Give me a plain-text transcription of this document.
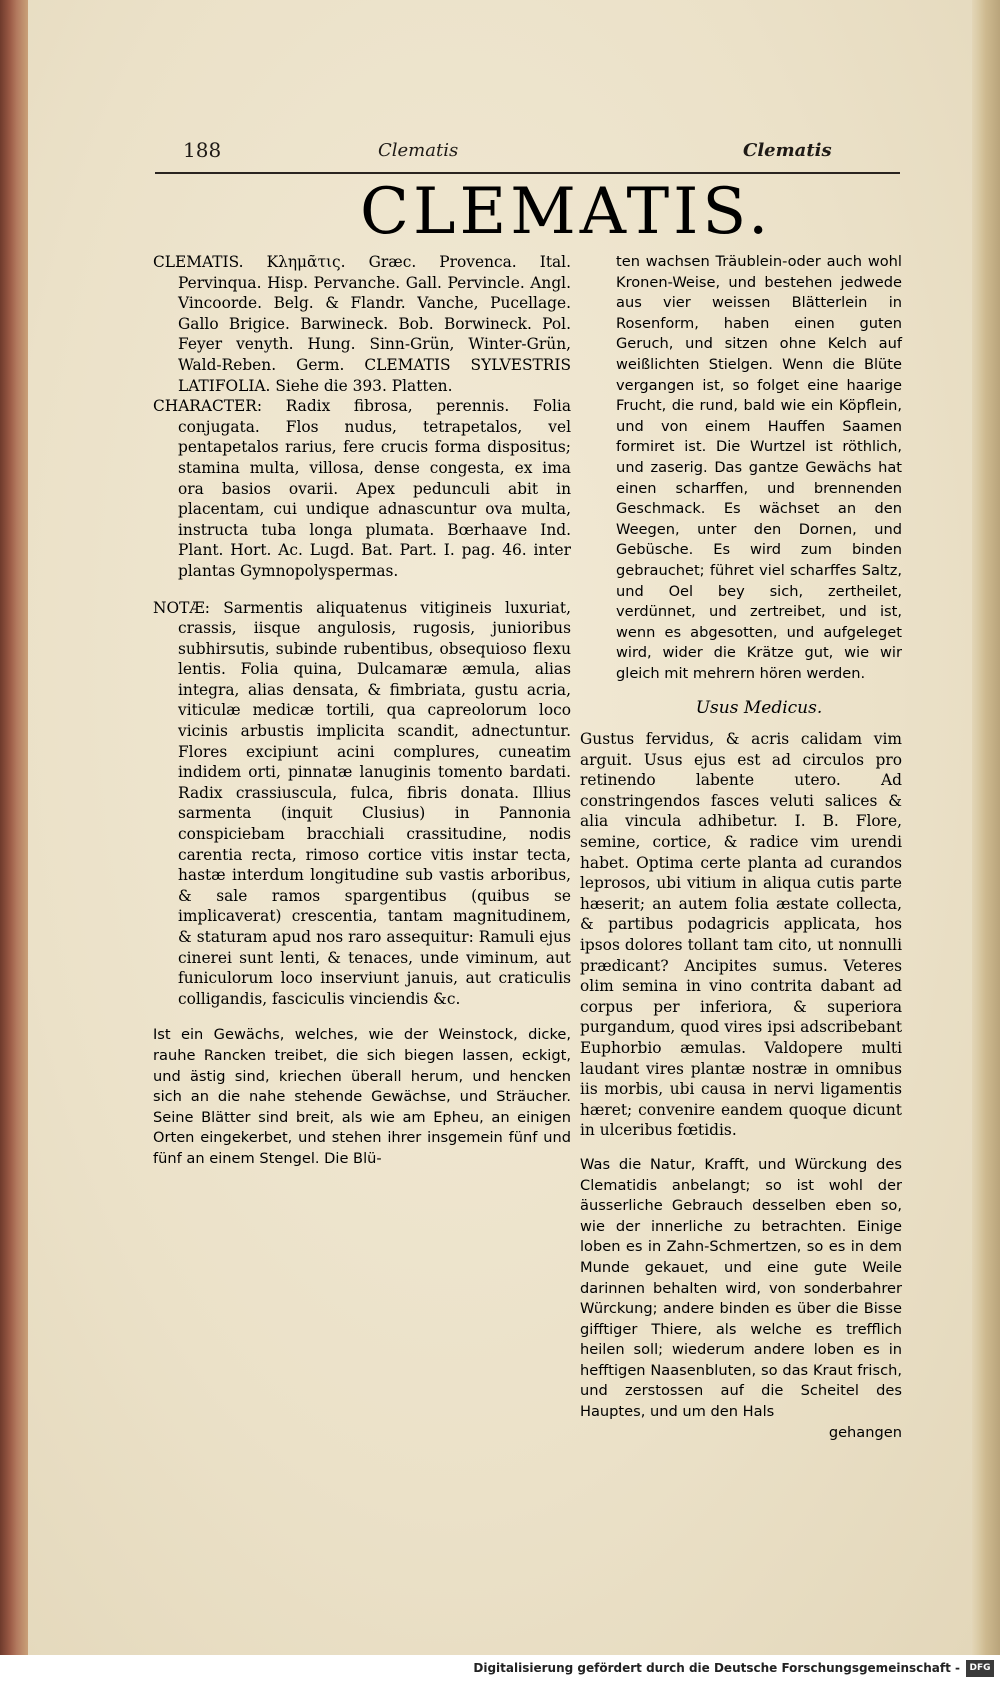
188	Clematis	Clematis
CLEMATIS.

CLEMATIS. Κλημᾶτις. Græc. Provenca. Ital. Pervinqua. Hisp. Pervanche. Gall. Pervincle. Angl. Vincoorde. Belg. & Flandr. Vanche, Pucellage. Gallo Brigice. Barwineck. Bob. Borwineck. Pol. Feyer venyth. Hung. Sinn-Grün, Winter-Grün, Wald-Reben. Germ. CLEMATIS SYLVESTRIS LATIFOLIA. Siehe die 393. Platten.

CHARACTER: Radix fibrosa, perennis. Folia conjugata. Flos nudus, tetrapetalos, vel pentapetalos rarius, fere crucis forma dispositus; stamina multa, villosa, dense congesta, ex ima ora basios ovarii. Apex pedunculi abit in placentam, cui undique adnascuntur ova multa, instructa tuba longa plumata. Bœrhaave Ind. Plant. Hort. Ac. Lugd. Bat. Part. I. pag. 46. inter plantas Gymnopolyspermas.

NOTÆ: Sarmentis aliquatenus vitigineis luxuriat, crassis, iisque angulosis, rugosis, junioribus subhirsutis, subinde rubentibus, obsequioso flexu lentis. Folia quina, Dulcamaræ æmula, alias integra, alias densata, & fimbriata, gustu acria, viticulæ medicæ tortili, qua capreolorum loco vicinis arbustis implicita scandit, adnectuntur. Flores excipiunt acini complures, cuneatim indidem orti, pinnatæ lanuginis tomento bardati. Radix crassiuscula, fulca, fibris donata. Illius sarmenta (inquit Clusius) in Pannonia conspiciebam bracchiali crassitudine, nodis carentia recta, rimoso cortice vitis instar tecta, hastæ interdum longitudine sub vastis arboribus, & sale ramos spargentibus (quibus se implicaverat) crescentia, tantam magnitudinem, & staturam apud nos raro assequitur: Ramuli ejus cinerei sunt lenti, & tenaces, unde viminum, aut funiculorum loco inserviunt januis, aut craticulis colligandis, fasciculis vinciendis &c.

Ist ein Gewächs, welches, wie der Weinstock, dicke, rauhe Rancken treibet, die sich biegen lassen, eckigt, und ästig sind, kriechen überall herum, und hencken sich an die nahe stehende Gewächse, und Sträucher. Seine Blätter sind breit, als wie am Epheu, an einigen Orten eingekerbet, und stehen ihrer insgemein fünf und fünf an einem Stengel. Die Blü-

ten wachsen Träublein-oder auch wohl Kronen-Weise, und bestehen jedwede aus vier weissen Blätterlein in Rosenform, haben einen guten Geruch, und sitzen ohne Kelch auf weißlichten Stielgen. Wenn die Blüte vergangen ist, so folget eine haarige Frucht, die rund, bald wie ein Köpflein, und von einem Hauffen Saamen formiret ist. Die Wurtzel ist röthlich, und zaserig. Das gantze Gewächs hat einen scharffen, und brennenden Geschmack. Es wächset an den Weegen, unter den Dornen, und Gebüsche. Es wird zum binden gebrauchet; führet viel scharffes Saltz, und Oel bey sich, zertheilet, verdünnet, und zertreibet, und ist, wenn es abgesotten, und aufgeleget wird, wider die Krätze gut, wie wir gleich mit mehrern hören werden.

Usus Medicus.

Gustus fervidus, & acris calidam vim arguit. Usus ejus est ad circulos pro retinendo labente utero. Ad constringendos fasces veluti salices & alia vincula adhibetur. I. B. Flore, semine, cortice, & radice vim urendi habet. Optima certe planta ad curandos leprosos, ubi vitium in aliqua cutis parte hæserit; an autem folia æstate collecta, & partibus podagricis applicata, hos ipsos dolores tollant tam cito, ut nonnulli prædicant? Ancipites sumus. Veteres olim semina in vino contrita dabant ad corpus per inferiora, & superiora purgandum, quod vires ipsi adscribebant Euphorbio æmulas. Valdopere multi laudant vires plantæ nostræ in omnibus iis morbis, ubi causa in nervi ligamentis hæret; convenire eandem quoque dicunt in ulceribus fœtidis.

Was die Natur, Krafft, und Würckung des Clematidis anbelangt; so ist wohl der äusserliche Gebrauch desselben eben so, wie der innerliche zu betrachten. Einige loben es in Zahn-Schmertzen, so es in dem Munde gekauet, und eine gute Weile darinnen behalten wird, von sonderbahrer Würckung; andere binden es über die Bisse gifftiger Thiere, als welche es trefflich heilen soll; wiederum andere loben es in hefftigen Naasenbluten, so das Kraut frisch, und zerstossen auf die Scheitel des Hauptes, und um den Hals

gehangen

Digitalisierung gefördert durch die Deutsche Forschungsgemeinschaft -	DFG
